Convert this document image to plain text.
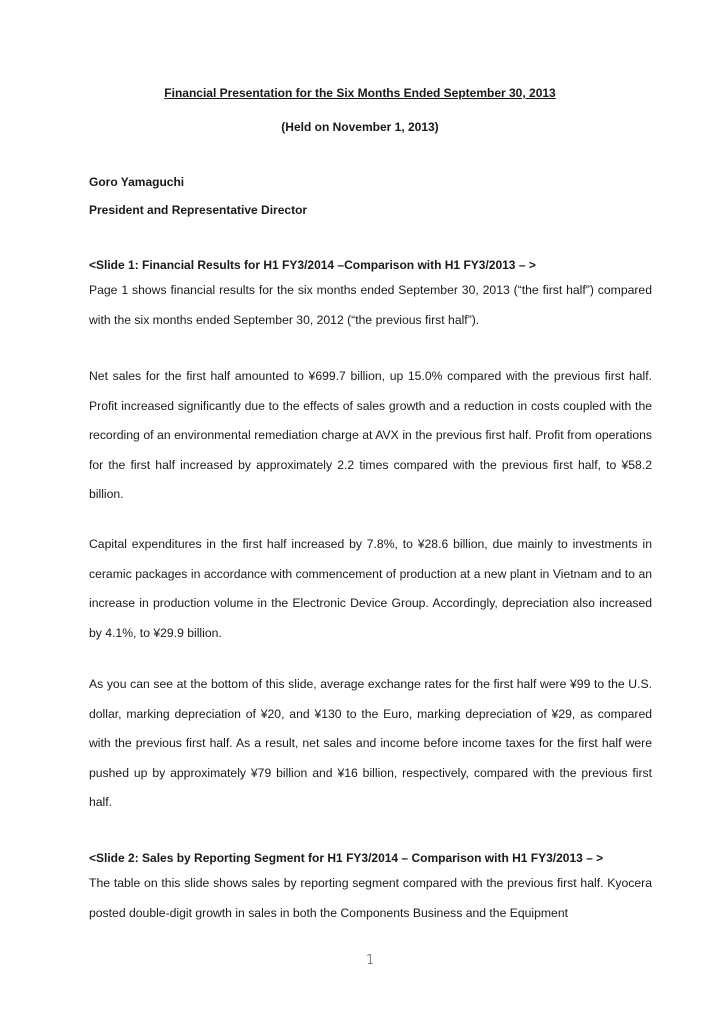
Financial Presentation for the Six Months Ended September 30, 2013
(Held on November 1, 2013)
Goro Yamaguchi
President and Representative Director
<Slide 1: Financial Results for H1 FY3/2014 –Comparison with H1 FY3/2013 – >

Page 1 shows financial results for the six months ended September 30, 2013 (“the first half”) compared with the six months ended September 30, 2012 (“the previous first half”).

Net sales for the first half amounted to ¥699.7 billion, up 15.0% compared with the previous first half. Profit increased significantly due to the effects of sales growth and a reduction in costs coupled with the recording of an environmental remediation charge at AVX in the previous first half. Profit from operations for the first half increased by approximately 2.2 times compared with the previous first half, to ¥58.2 billion.

Capital expenditures in the first half increased by 7.8%, to ¥28.6 billion, due mainly to investments in ceramic packages in accordance with commencement of production at a new plant in Vietnam and to an increase in production volume in the Electronic Device Group. Accordingly, depreciation also increased by 4.1%, to ¥29.9 billion.

As you can see at the bottom of this slide, average exchange rates for the first half were ¥99 to the U.S. dollar, marking depreciation of ¥20, and ¥130 to the Euro, marking depreciation of ¥29, as compared with the previous first half. As a result, net sales and income before income taxes for the first half were pushed up by approximately ¥79 billion and ¥16 billion, respectively, compared with the previous first half.

<Slide 2: Sales by Reporting Segment for H1 FY3/2014 – Comparison with H1 FY3/2013 – >

The table on this slide shows sales by reporting segment compared with the previous first half. Kyocera posted double-digit growth in sales in both the Components Business and the Equipment

1
